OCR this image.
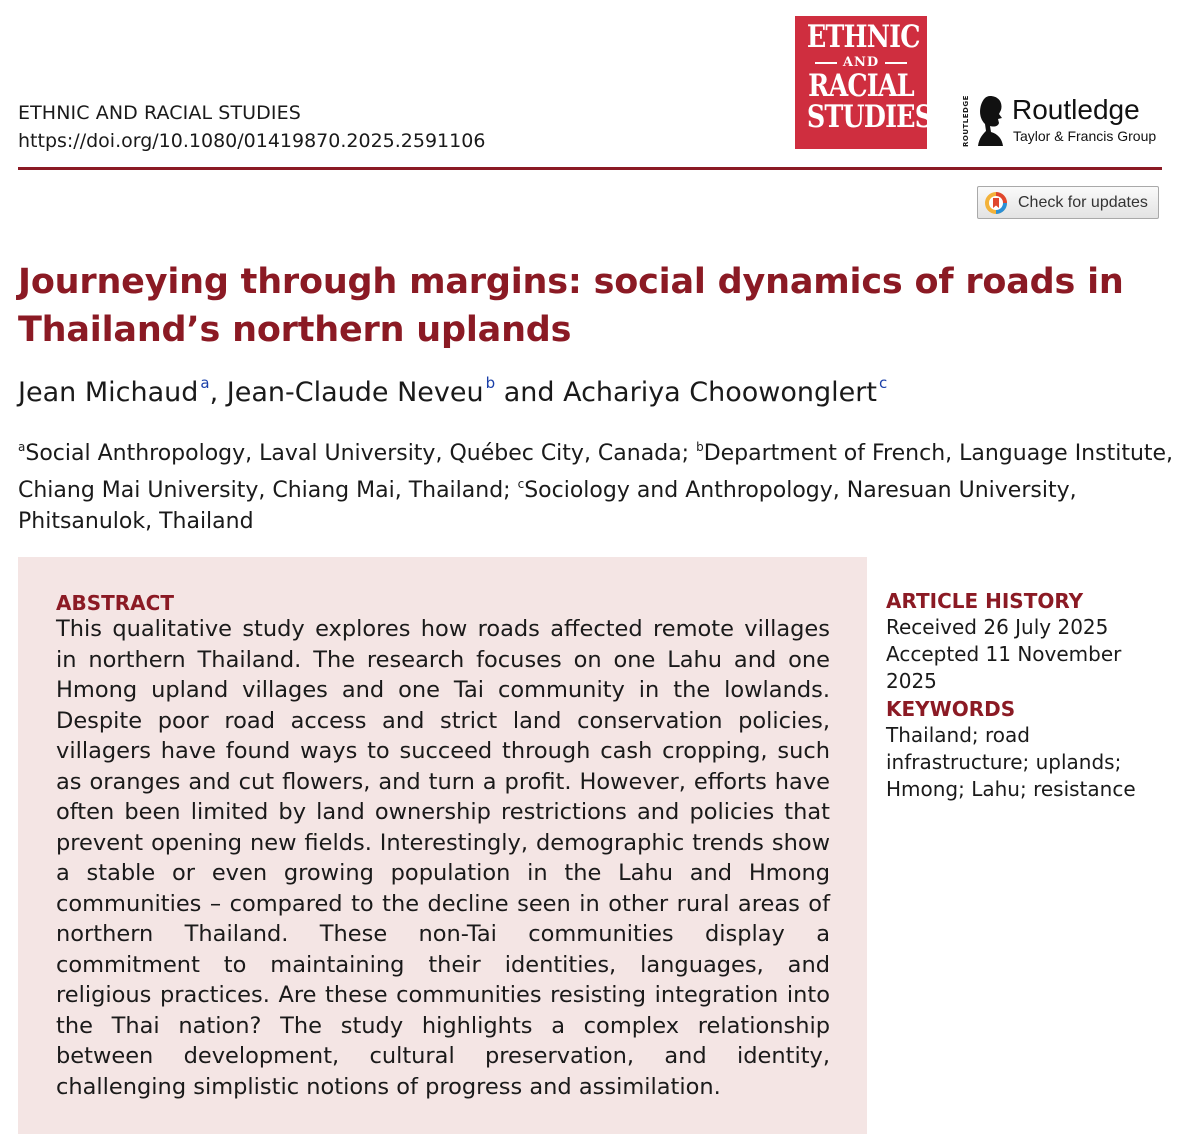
ETHNIC AND RACIAL STUDIES
https://doi.org/10.1080/01419870.2025.2591106
ETHNIC
AND
RACIAL
STUDIES	ROUTLEDGE Routledge
Taylor & Francis Group
Check for updates
Journeying through margins: social dynamics of roads in Thailand’s northern uplands
Jean Michaud $^a$, Jean-Claude Neveu $^b$ and Achariya Choowonglert $^c$

$^a$Social Anthropology, Laval University, Québec City, Canada; $^b$Department of French, Language Institute, Chiang Mai University, Chiang Mai, Thailand; $^c$Sociology and Anthropology, Naresuan University, Phitsanulok, Thailand

ABSTRACT

This qualitative study explores how roads affected remote villages in northern Thailand. The research focuses on one Lahu and one Hmong upland villages and one Tai community in the lowlands. Despite poor road access and strict land conservation policies, villagers have found ways to succeed through cash cropping, such as oranges and cut flowers, and turn a profit. However, efforts have often been limited by land ownership restrictions and policies that prevent opening new fields. Interestingly, demographic trends show a stable or even growing population in the Lahu and Hmong communities – compared to the decline seen in other rural areas of northern Thailand. These non-Tai communities display a commitment to maintaining their identities, languages, and religious practices. Are these communities resisting integration into the Thai nation? The study highlights a complex relationship between development, cultural preservation, and identity, challenging simplistic notions of progress and assimilation.

ARTICLE HISTORY
Received 26 July 2025
Accepted 11 November 2025
KEYWORDS

Thailand; road infrastructure; uplands; Hmong; Lahu; resistance
